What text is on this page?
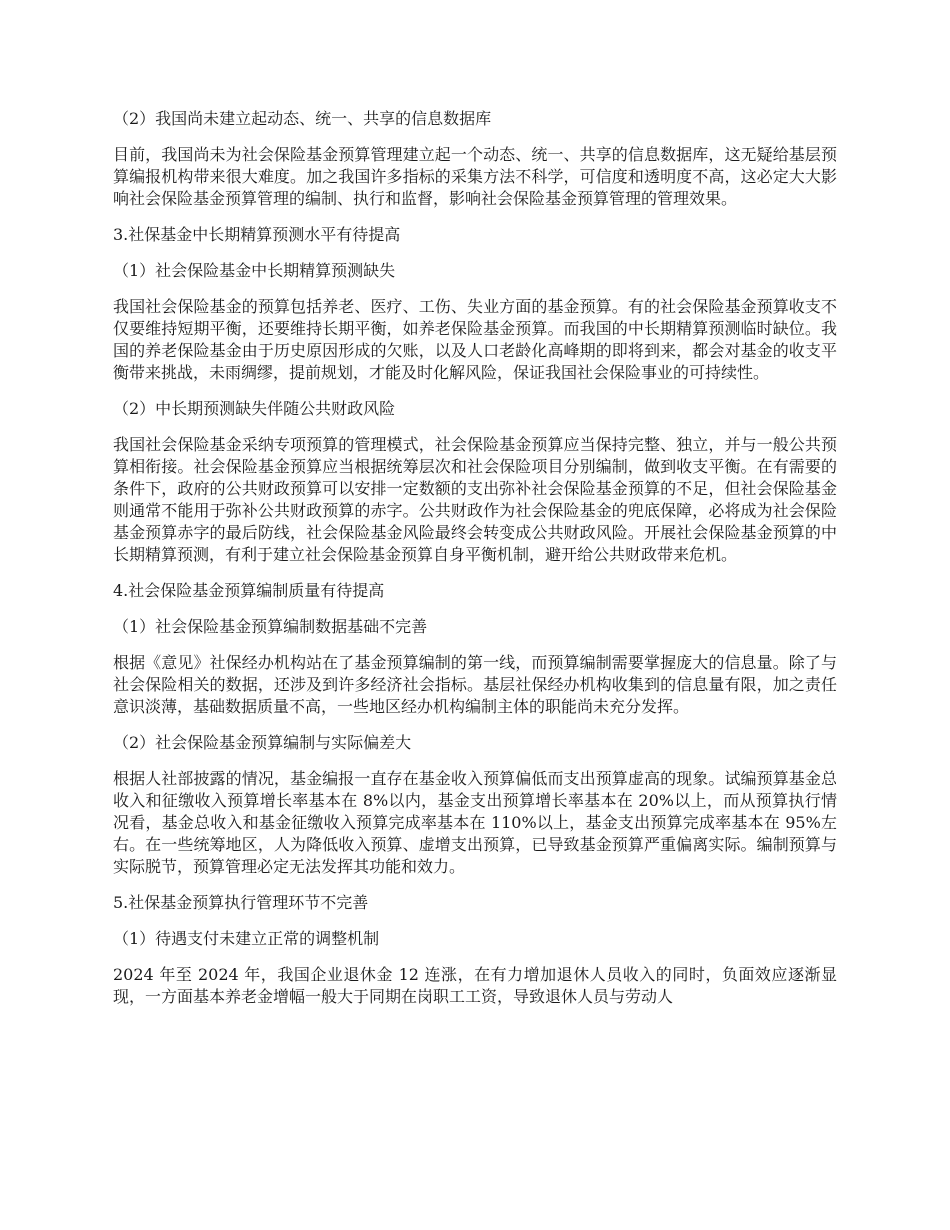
（2）我国尚未建立起动态、统一、共享的信息数据库

目前，我国尚未为社会保险基金预算管理建立起一个动态、统一、共享的信息数据库，这无疑给基层预算编报机构带来很大难度。加之我国许多指标的采集方法不科学，可信度和透明度不高，这必定大大影响社会保险基金预算管理的编制、执行和监督，影响社会保险基金预算管理的管理效果。

3.社保基金中长期精算预测水平有待提高

（1）社会保险基金中长期精算预测缺失

我国社会保险基金的预算包括养老、医疗、工伤、失业方面的基金预算。有的社会保险基金预算收支不仅要维持短期平衡，还要维持长期平衡，如养老保险基金预算。而我国的中长期精算预测临时缺位。我国的养老保险基金由于历史原因形成的欠账，以及人口老龄化高峰期的即将到来，都会对基金的收支平衡带来挑战，未雨绸缪，提前规划，才能及时化解风险，保证我国社会保险事业的可持续性。

（2）中长期预测缺失伴随公共财政风险

我国社会保险基金采纳专项预算的管理模式，社会保险基金预算应当保持完整、独立，并与一般公共预算相衔接。社会保险基金预算应当根据统筹层次和社会保险项目分别编制，做到收支平衡。在有需要的条件下，政府的公共财政预算可以安排一定数额的支出弥补社会保险基金预算的不足，但社会保险基金则通常不能用于弥补公共财政预算的赤字。公共财政作为社会保险基金的兜底保障，必将成为社会保险基金预算赤字的最后防线，社会保险基金风险最终会转变成公共财政风险。开展社会保险基金预算的中长期精算预测，有利于建立社会保险基金预算自身平衡机制，避开给公共财政带来危机。

4.社会保险基金预算编制质量有待提高

（1）社会保险基金预算编制数据基础不完善

根据《意见》社保经办机构站在了基金预算编制的第一线，而预算编制需要掌握庞大的信息量。除了与社会保险相关的数据，还涉及到许多经济社会指标。基层社保经办机构收集到的信息量有限，加之责任意识淡薄，基础数据质量不高，一些地区经办机构编制主体的职能尚未充分发挥。

（2）社会保险基金预算编制与实际偏差大

根据人社部披露的情况，基金编报一直存在基金收入预算偏低而支出预算虚高的现象。试编预算基金总收入和征缴收入预算增长率基本在 8%以内，基金支出预算增长率基本在 20%以上，而从预算执行情况看，基金总收入和基金征缴收入预算完成率基本在 110%以上，基金支出预算完成率基本在 95%左右。在一些统筹地区，人为降低收入预算、虚增支出预算，已导致基金预算严重偏离实际。编制预算与实际脱节，预算管理必定无法发挥其功能和效力。

5.社保基金预算执行管理环节不完善

（1）待遇支付未建立正常的调整机制

2024 年至 2024 年，我国企业退休金 12 连涨，在有力增加退休人员收入的同时，负面效应逐渐显现，一方面基本养老金增幅一般大于同期在岗职工工资，导致退休人员与劳动人
